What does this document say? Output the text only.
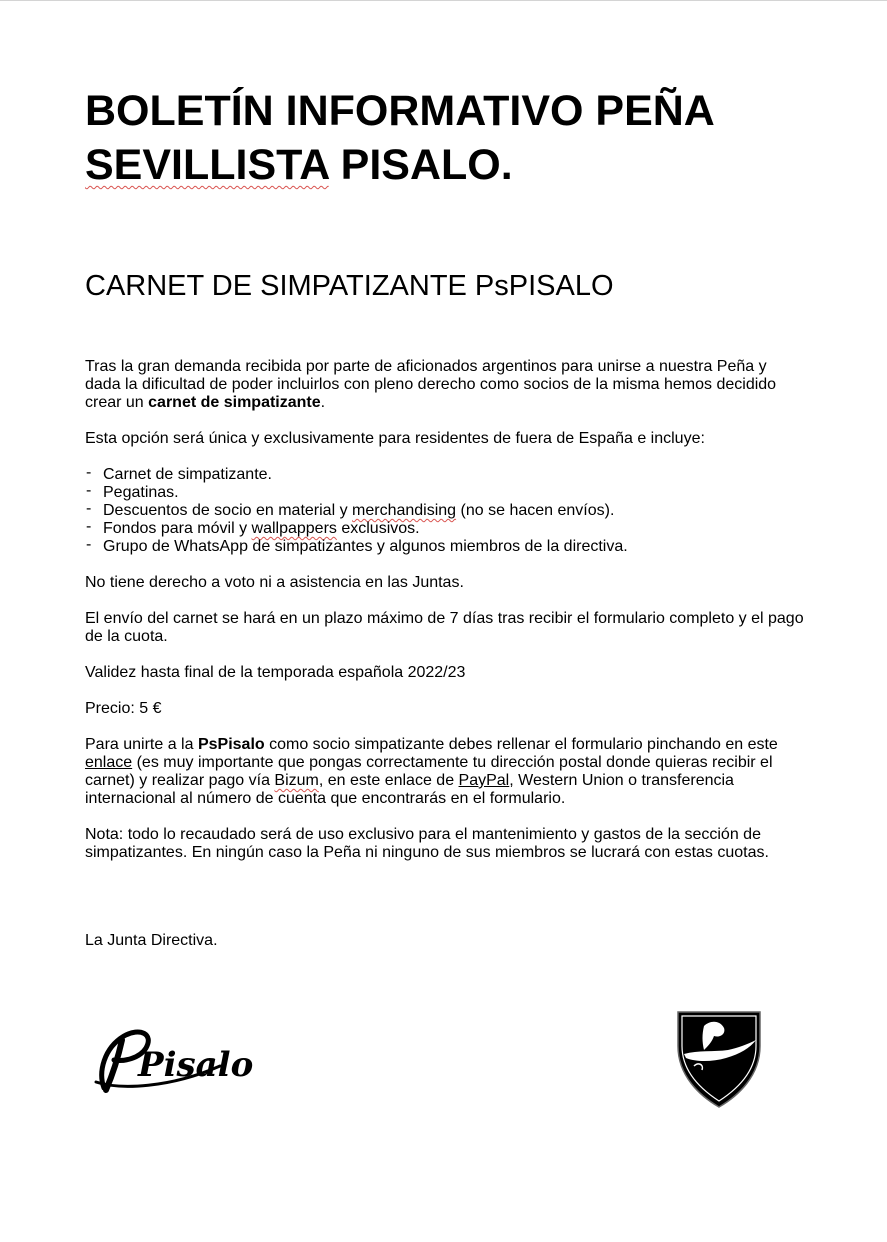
BOLETÍN INFORMATIVO PEÑA
SEVILLISTA PISALO.
CARNET DE SIMPATIZANTE PsPISALO

Tras la gran demanda recibida por parte de aficionados argentinos para unirse a nuestra Peña y dada la dificultad de poder incluirlos con pleno derecho como socios de la misma hemos decidido crear un carnet de simpatizante.

Esta opción será única y exclusivamente para residentes de fuera de España e incluye:

- Carnet de simpatizante.
- Pegatinas.
- Descuentos de socio en material y merchandising (no se hacen envíos).
- Fondos para móvil y wallpappers exclusivos.
- Grupo de WhatsApp de simpatizantes y algunos miembros de la directiva.

No tiene derecho a voto ni a asistencia en las Juntas.

El envío del carnet se hará en un plazo máximo de 7 días tras recibir el formulario completo y el pago de la cuota.

Validez hasta final de la temporada española 2022/23

Precio: 5 €

Para unirte a la PsPisalo como socio simpatizante debes rellenar el formulario pinchando en este enlace (es muy importante que pongas correctamente tu dirección postal donde quieras recibir el carnet) y realizar pago vía Bizum, en este enlace de PayPal, Western Union o transferencia internacional al número de cuenta que encontrarás en el formulario.

Nota: todo lo recaudado será de uso exclusivo para el mantenimiento y gastos de la sección de simpatizantes. En ningún caso la Peña ni ninguno de sus miembros se lucrará con estas cuotas.

La Junta Directiva.
Pisalo
